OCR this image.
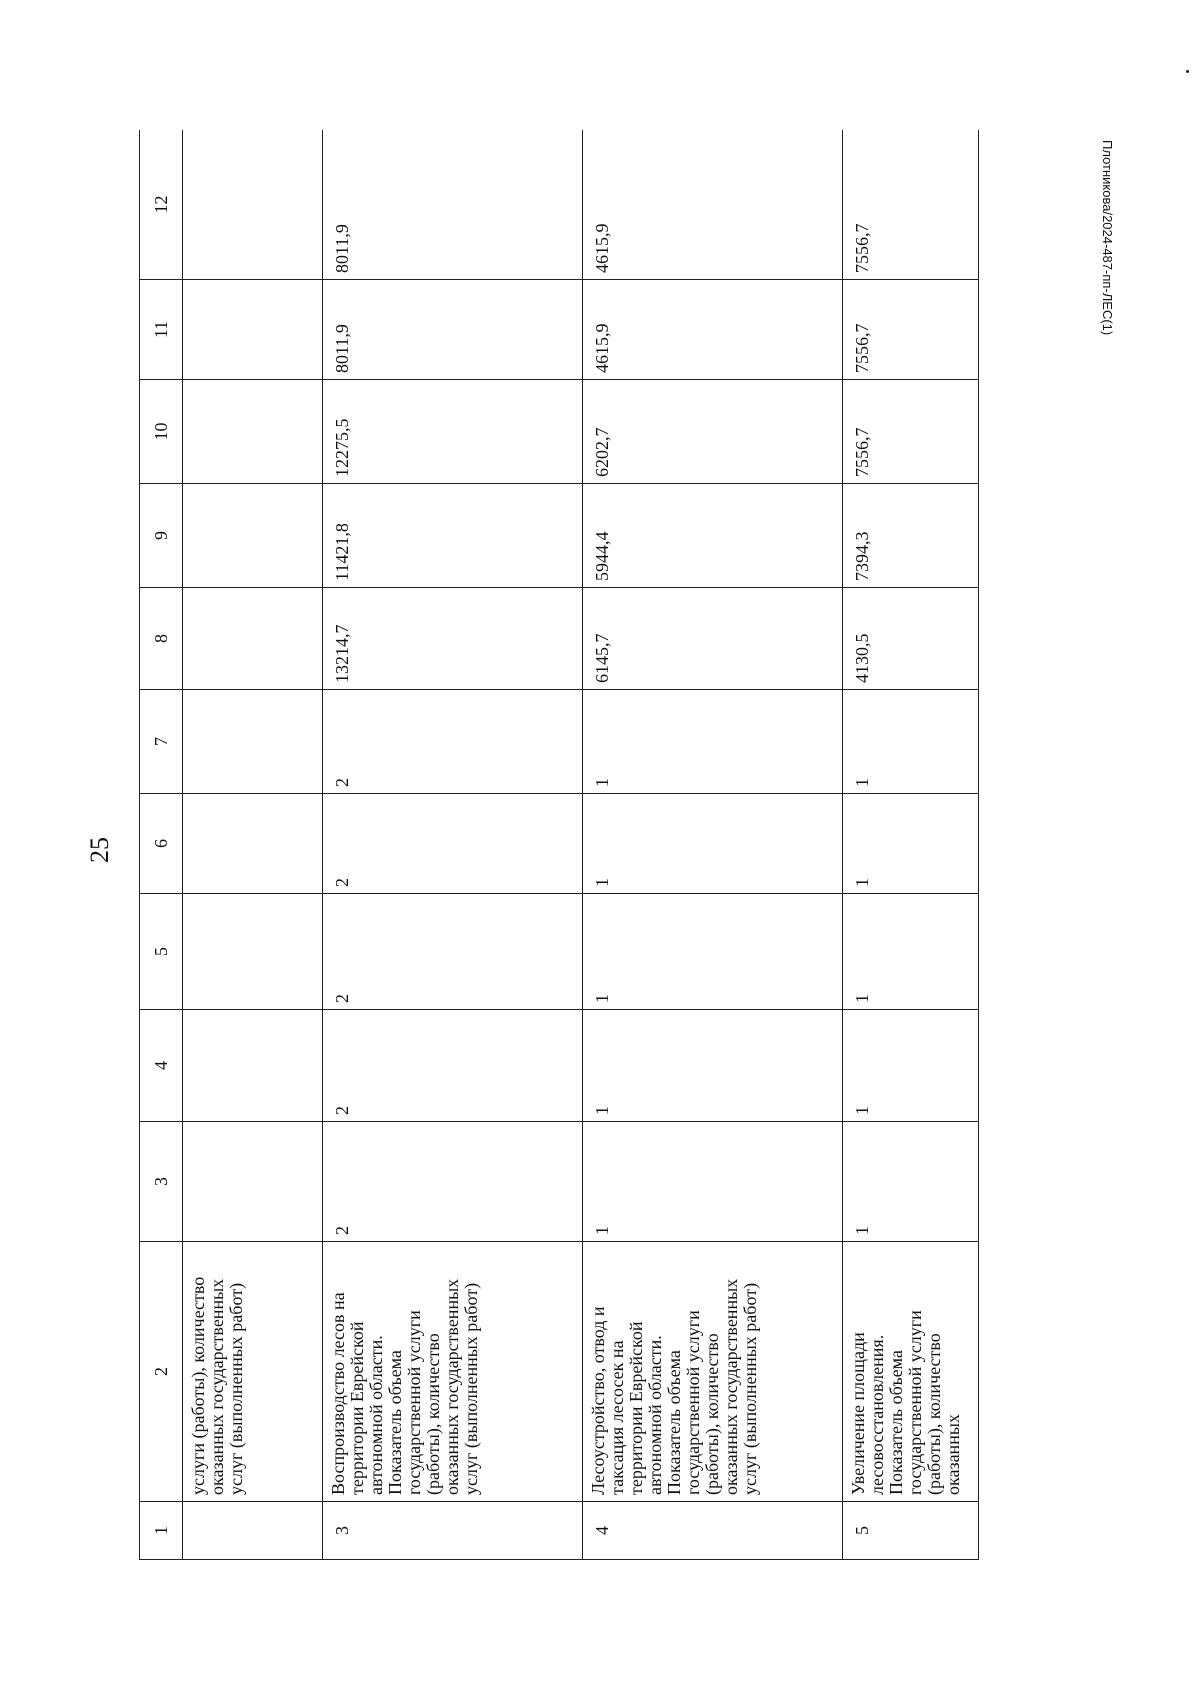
25
Плотникова/2024-487-пп-ЛЕС(1)
1	2	3	4	5	6	7	8	9	10	11	12
	услуги (работы), количество оказанных государственных услуг (выполненных работ)										
3	Воспроизводство лесов на территории Еврейской автономной области. Показатель объема государственной услуги (работы), количество оказанных государственных услуг (выполненных работ)	2	2	2	2	2	13214,7	11421,8	12275,5	8011,9	8011,9
4	Лесоустройство, отвод и таксация лесосек на территории Еврейской автономной области. Показатель объема государственной услуги (работы), количество оказанных государственных услуг (выполненных работ)	1	1	1	1	1	6145,7	5944,4	6202,7	4615,9	4615,9
5	Увеличение площади лесовосстановления. Показатель объема государственной услуги (работы), количество оказанных	1	1	1	1	1	4130,5	7394,3	7556,7	7556,7	7556,7
